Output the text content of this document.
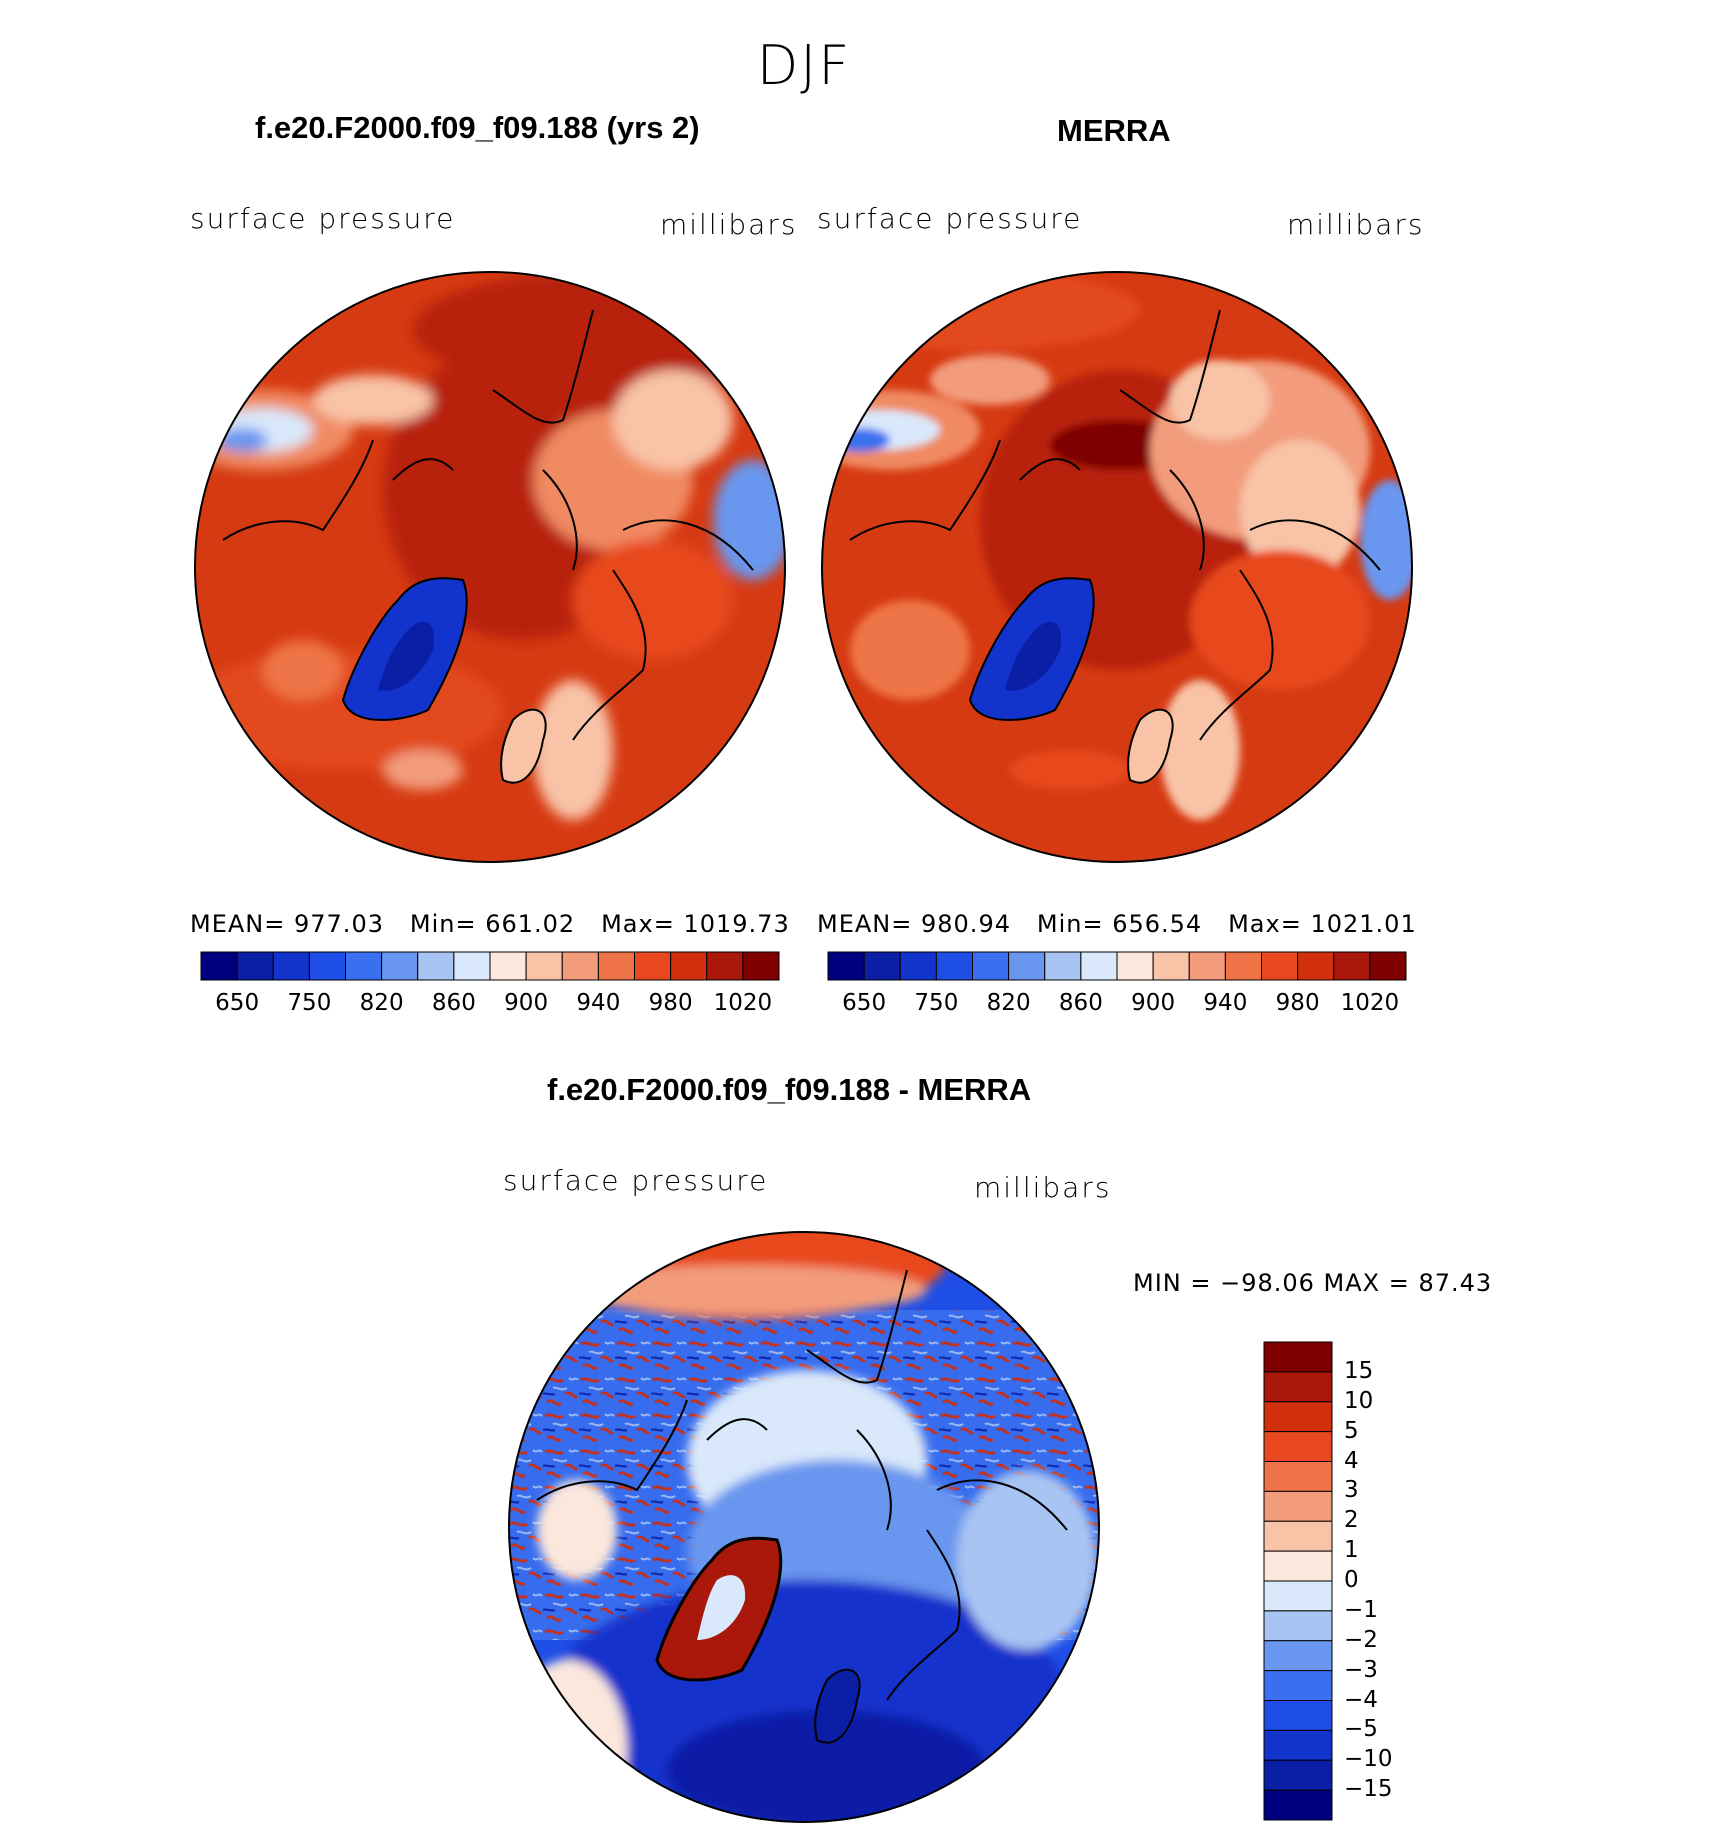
DJF
f.e20.F2000.f09_f09.188 (yrs 2)
surface pressure	millibars
MEAN= 977.03 Min= 661.02 Max= 1019.73
650	750	820	860	900	940	980 1020
MERRA
surface pressure	millibars
MEAN= 980.94 Min= 656.54 Max= 1021.01
650	750	820	860	900	940	980 1020
f.e20.F2000.f09_f09.188 - MERRA
surface pressure	millibars
MIN = −98.06 MAX = 87.43
15
10
5
4
3
2
1
0
−1
−2
−3
−4
−5
−10
−15
